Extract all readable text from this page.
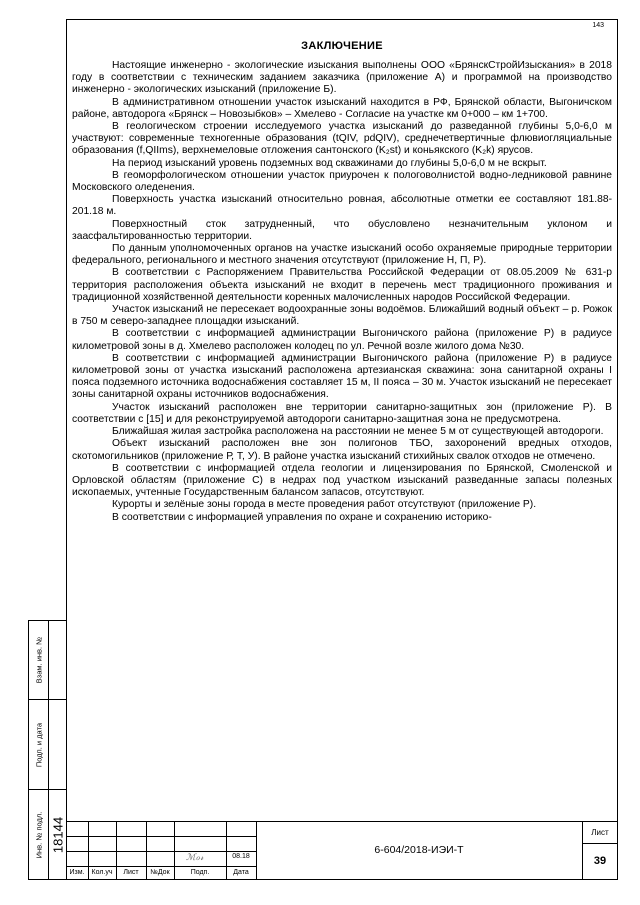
143
ЗАКЛЮЧЕНИЕ

Настоящие инженерно - экологические изыскания выполнены ООО «БрянскСтройИзыскания» в 2018 году в соответствии с техническим заданием заказчика (приложение А) и программой на производство инженерно - экологических изысканий (приложение Б).

В административном отношении участок изысканий находится в РФ, Брянской области, Выгоничском районе, автодорога «Брянск – Новозыбков» – Хмелево - Согласие на участке км 0+000 – км 1+700.

В геологическом строении исследуемого участка изысканий до разведанной глубины 5,0-6,0 м участвуют: современные техногенные образования (tQIV, pdQIV), среднечетвертичные флювиогляциальные образования (f,QIIms), верхнемеловые отложения сантонского (K₂st) и коньякского (K₂k) ярусов.

На период изысканий уровень подземных вод скважинами до глубины 5,0-6,0 м не вскрыт.

В геоморфологическом отношении участок приурочен к пологоволнистой водно-ледниковой равнине Московского оледенения.

Поверхность участка изысканий относительно ровная, абсолютные отметки ее составляют 181.88-201.18 м.

Поверхностный сток затрудненный, что обусловлено незначительным уклоном и заасфальтированностью территории.

По данным уполномоченных органов на участке изысканий особо охраняемые природные территории федерального, регионального и местного значения отсутствуют (приложение Н, П, Р).

В соответствии с Распоряжением Правительства Российской Федерации от 08.05.2009 № 631-р территория расположения объекта изысканий не входит в перечень мест традиционного проживания и традиционной хозяйственной деятельности коренных малочисленных народов Российской Федерации.

Участок изысканий не пересекает водоохранные зоны водоёмов. Ближайший водный объект – р. Рожок в 750 м северо-западнее площадки изысканий.

В соответствии с информацией администрации Выгоничского района (приложение Р) в радиусе километровой зоны в д. Хмелево расположен колодец по ул. Речной возле жилого дома №30.

В соответствии с информацией администрации Выгоничского района (приложение Р) в радиусе километровой зоны от участка изысканий расположена артезианская скважина: зона санитарной охраны I пояса подземного источника водоснабжения составляет 15 м, II пояса – 30 м. Участок изысканий не пересекает зоны санитарной охраны источников водоснабжения.

Участок изысканий расположен вне территории санитарно-защитных зон (приложение Р). В соответствии с [15] и для реконструируемой автодороги санитарно-защитная зона не предусмотрена.

Ближайшая жилая застройка расположена на расстоянии не менее 5 м от существующей автодороги.

Объект изысканий расположен вне зон полигонов ТБО, захоронений вредных отходов, скотомогильников (приложение Р, Т, У). В районе участка изысканий стихийных свалок отходов не отмечено.

В соответствии с информацией отдела геологии и лицензирования по Брянской, Смоленской и Орловской областям (приложение С) в недрах под участком изысканий разведанные запасы полезных ископаемых, учтенные Государственным балансом запасов, отсутствуют.

Курорты и зелёные зоны города в месте проведения работ отсутствуют (приложение Р).

В соответствии с информацией управления по охране и сохранению историко-

Взам. инв. №
Подп. и дата
Инв. № подл. 18144
ℳℴ𝓇	08.18
Изм.	Кол.уч	Лист	№Док	Подп.	Дата
6-604/2018-ИЭИ-Т
Лист
39
